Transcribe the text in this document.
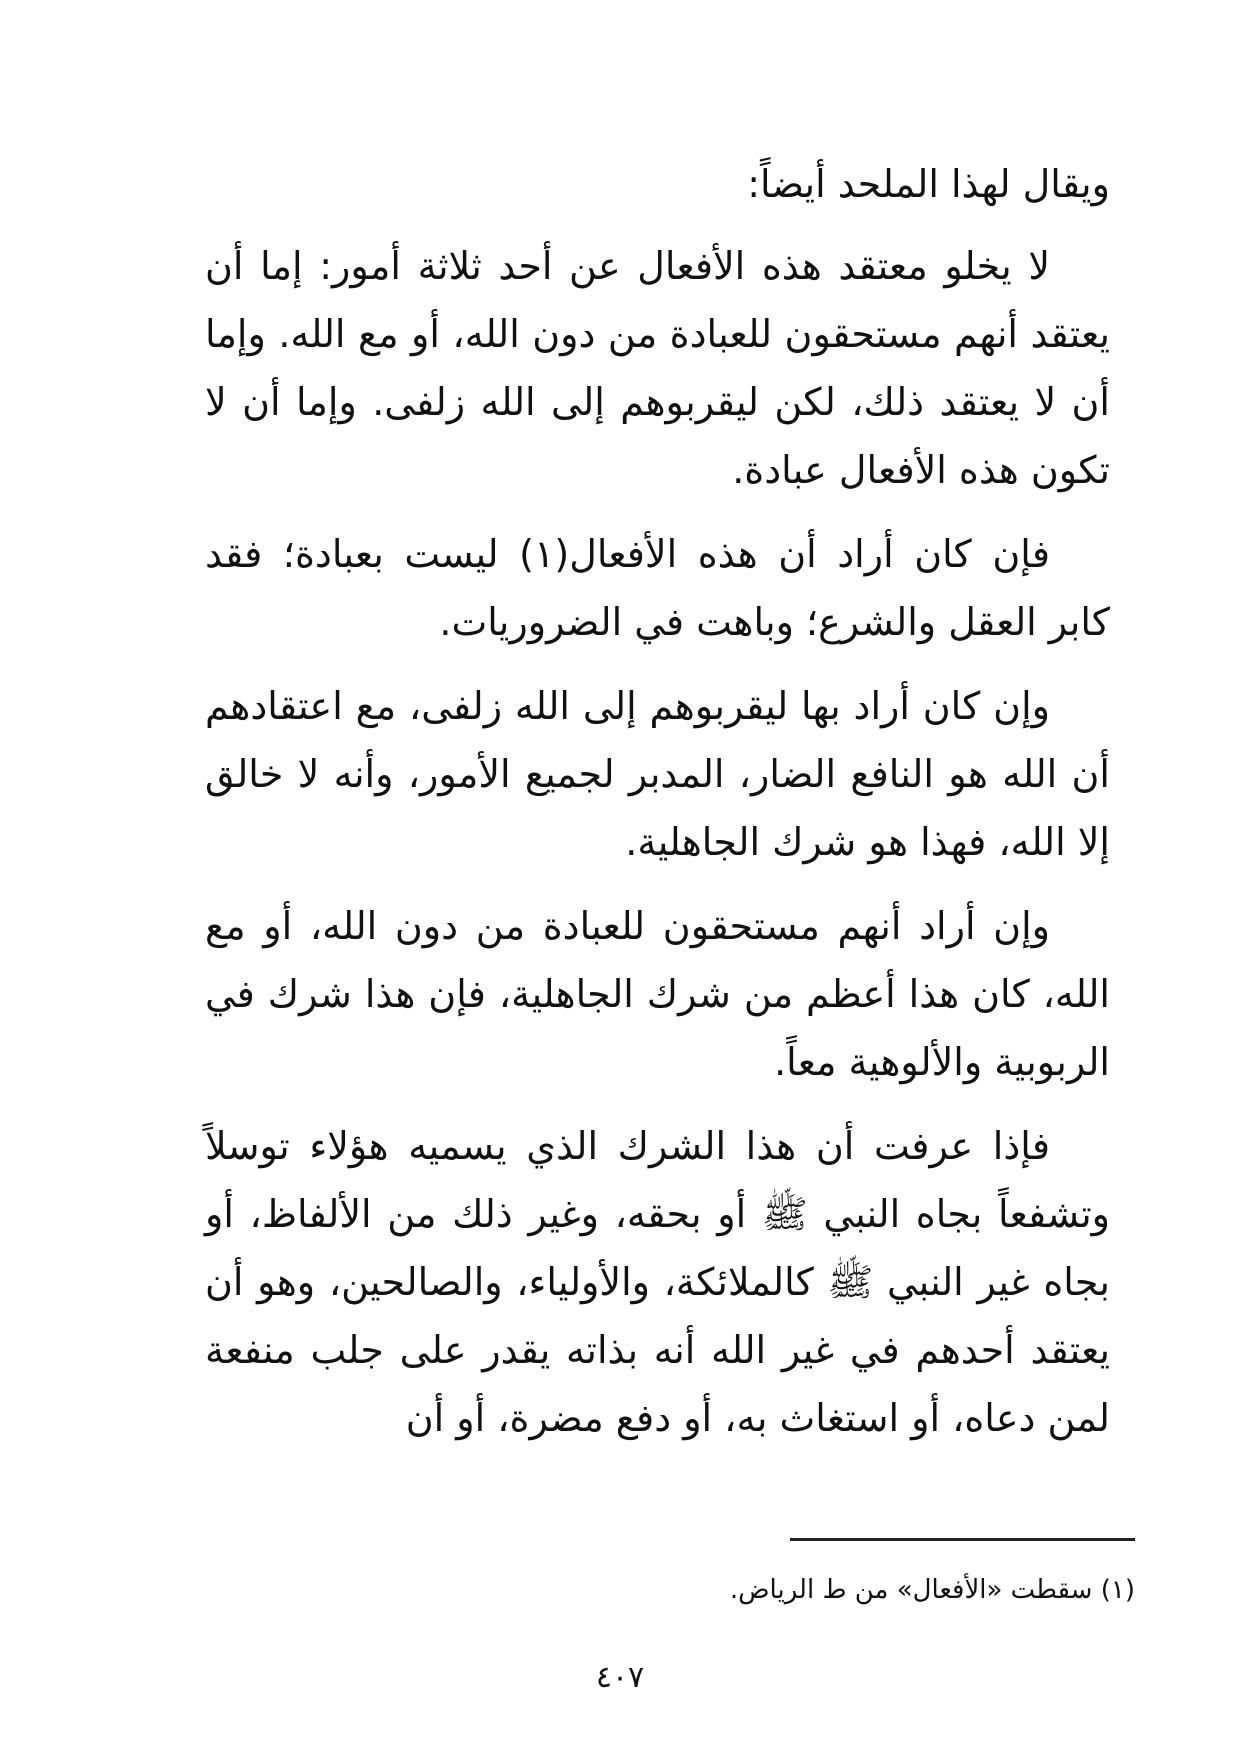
ويقال لهذا الملحد أيضاً:

لا يخلو معتقد هذه الأفعال عن أحد ثلاثة أمور: إما أن يعتقد أنهم مستحقون للعبادة من دون الله، أو مع الله. وإما أن لا يعتقد ذلك، لكن ليقربوهم إلى الله زلفى. وإما أن لا تكون هذه الأفعال عبادة.

فإن كان أراد أن هذه الأفعال(١) ليست بعبادة؛ فقد كابر العقل والشرع؛ وباهت في الضروريات.

وإن كان أراد بها ليقربوهم إلى الله زلفى، مع اعتقادهم أن الله هو النافع الضار، المدبر لجميع الأمور، وأنه لا خالق إلا الله، فهذا هو شرك الجاهلية.

وإن أراد أنهم مستحقون للعبادة من دون الله، أو مع الله، كان هذا أعظم من شرك الجاهلية، فإن هذا شرك في الربوبية والألوهية معاً.

فإذا عرفت أن هذا الشرك الذي يسميه هؤلاء توسلاً وتشفعاً بجاه النبي ﷺ أو بحقه، وغير ذلك من الألفاظ، أو بجاه غير النبي ﷺ كالملائكة، والأولياء، والصالحين، وهو أن يعتقد أحدهم في غير الله أنه بذاته يقدر على جلب منفعة لمن دعاه، أو استغاث به، أو دفع مضرة، أو أن

(١) سقطت «الأفعال» من ط الرياض.
٤٠٧
